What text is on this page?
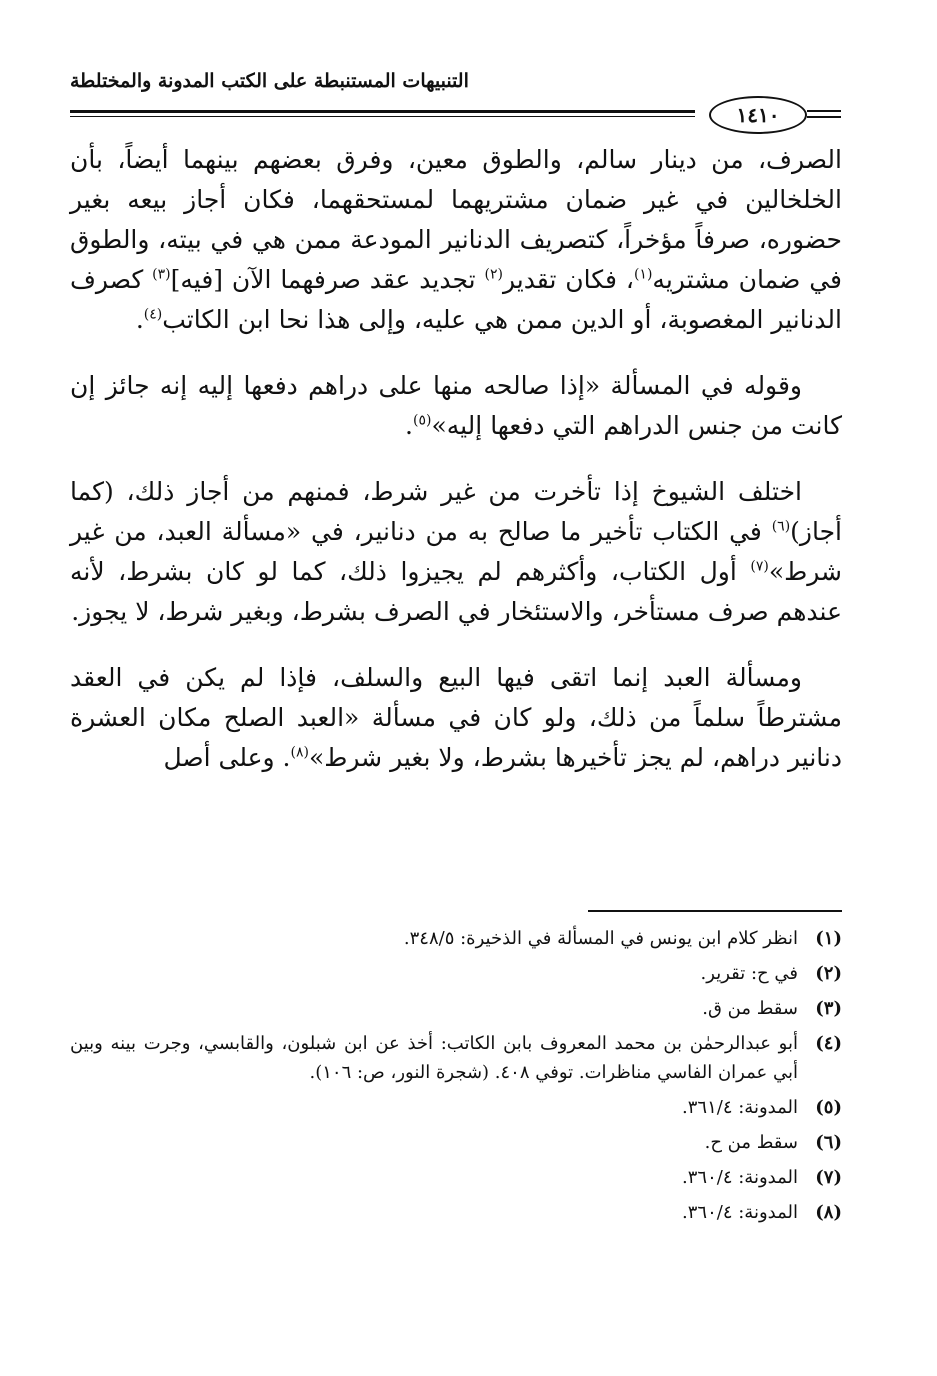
التنبيهات المستنبطة على الكتب المدونة والمختلطة
١٤١٠

الصرف، من دينار سالم، والطوق معين، وفرق بعضهم بينهما أيضاً، بأن الخلخالين في غير ضمان مشتريهما لمستحقهما، فكان أجاز بيعه بغير حضوره، صرفاً مؤخراً، كتصريف الدنانير المودعة ممن هي في بيته، والطوق في ضمان مشتريه$^{(١)}$، فكان تقدير$^{(٢)}$ تجديد عقد صرفهما الآن [فيه]$^{(٣)}$ كصرف الدنانير المغصوبة، أو الدين ممن هي عليه، وإلى هذا نحا ابن الكاتب$^{(٤)}$.

وقوله في المسألة «إذا صالحه منها على دراهم دفعها إليه إنه جائز إن كانت من جنس الدراهم التي دفعها إليه»$^{(٥)}$.

اختلف الشيوخ إذا تأخرت من غير شرط، فمنهم من أجاز ذلك، (كما أجاز)$^{(٦)}$ في الكتاب تأخير ما صالح به من دنانير، في «مسألة العبد، من غير شرط»$^{(٧)}$ أول الكتاب، وأكثرهم لم يجيزوا ذلك، كما لو كان بشرط، لأنه عندهم صرف مستأخر، والاستئخار في الصرف بشرط، وبغير شرط، لا يجوز.

ومسألة العبد إنما اتقى فيها البيع والسلف، فإذا لم يكن في العقد مشترطاً سلماً من ذلك، ولو كان في مسألة «العبد الصلح مكان العشرة دنانير دراهم، لم يجز تأخيرها بشرط، ولا بغير شرط»$^{(٨)}$. وعلى أصل

(١)
انظر كلام ابن يونس في المسألة في الذخيرة: ٣٤٨/٥.
(٢)
في ح: تقرير.
(٣)
سقط من ق.
(٤)
أبو عبدالرحمٰن بن محمد المعروف بابن الكاتب: أخذ عن ابن شبلون، والقابسي، وجرت بينه وبين أبي عمران الفاسي مناظرات. توفي ٤٠٨. (شجرة النور، ص: ١٠٦).
(٥)
المدونة: ٣٦١/٤.
(٦)
سقط من ح.
(٧)
المدونة: ٣٦٠/٤.
(٨)
المدونة: ٣٦٠/٤.
